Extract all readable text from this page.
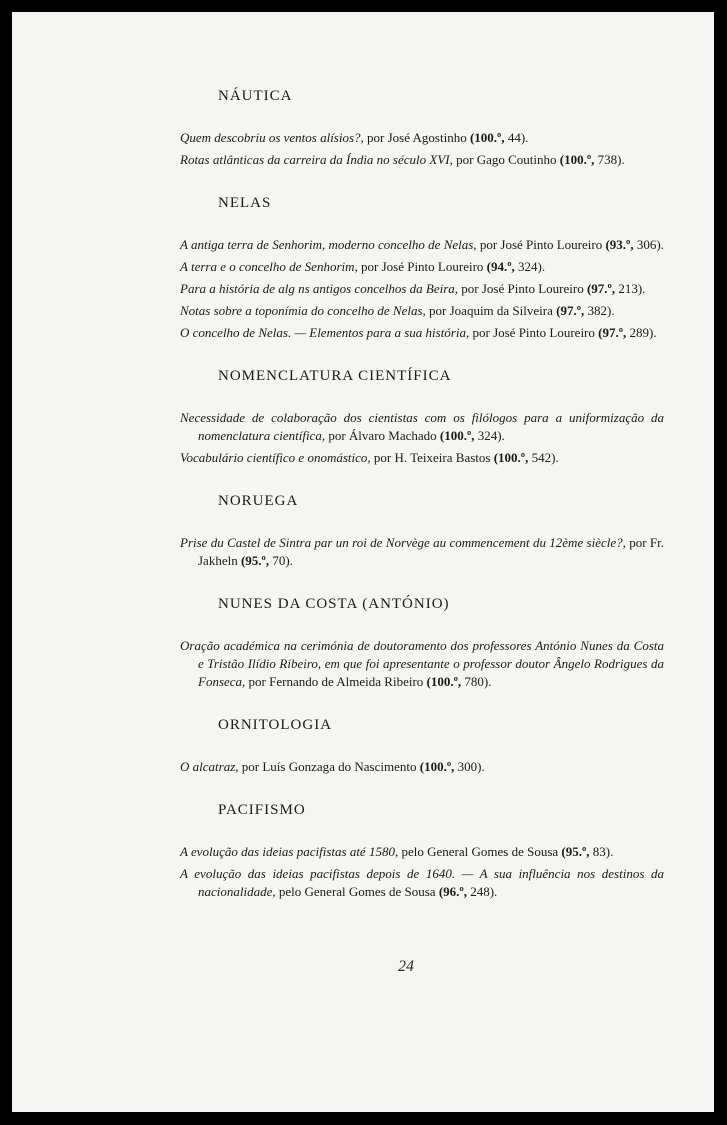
NÁUTICA

Quem descobriu os ventos alísios?, por José Agostinho (100.º, 44).

Rotas atlânticas da carreira da Índia no século XVI, por Gago Coutinho (100.º, 738).

NELAS

A antiga terra de Senhorim, moderno concelho de Nelas, por José Pinto Loureiro (93.º, 306).

A terra e o concelho de Senhorim, por José Pinto Loureiro (94.º, 324).

Para a história de alg ns antigos concelhos da Beira, por José Pinto Loureiro (97.º, 213).

Notas sobre a toponímia do concelho de Nelas, por Joaquim da Silveira (97.º, 382).

O concelho de Nelas. — Elementos para a sua história, por José Pinto Loureiro (97.º, 289).

NOMENCLATURA CIENTÍFICA

Necessidade de colaboração dos cientistas com os filólogos para a uniformização da nomenclatura científica, por Álvaro Machado (100.º, 324).

Vocabulário científico e onomástico, por H. Teixeira Bastos (100.º, 542).

NORUEGA

Prise du Castel de Sintra par un roi de Norvège au commencement du 12ème siècle?, por Fr. Jakheln (95.º, 70).

NUNES DA COSTA (ANTÓNIO)

Oração académica na cerimónia de doutoramento dos professores António Nunes da Costa e Tristão Ilídio Ribeiro, em que foi apresentante o professor doutor Ângelo Rodrigues da Fonseca, por Fernando de Almeida Ribeiro (100.º, 780).

ORNITOLOGIA

O alcatraz, por Luís Gonzaga do Nascimento (100.º, 300).

PACIFISMO

A evolução das ideias pacifistas até 1580, pelo General Gomes de Sousa (95.º, 83).

A evolução das ideias pacifistas depois de 1640. — A sua influência nos destinos da nacionalidade, pelo General Gomes de Sousa (96.º, 248).

24
